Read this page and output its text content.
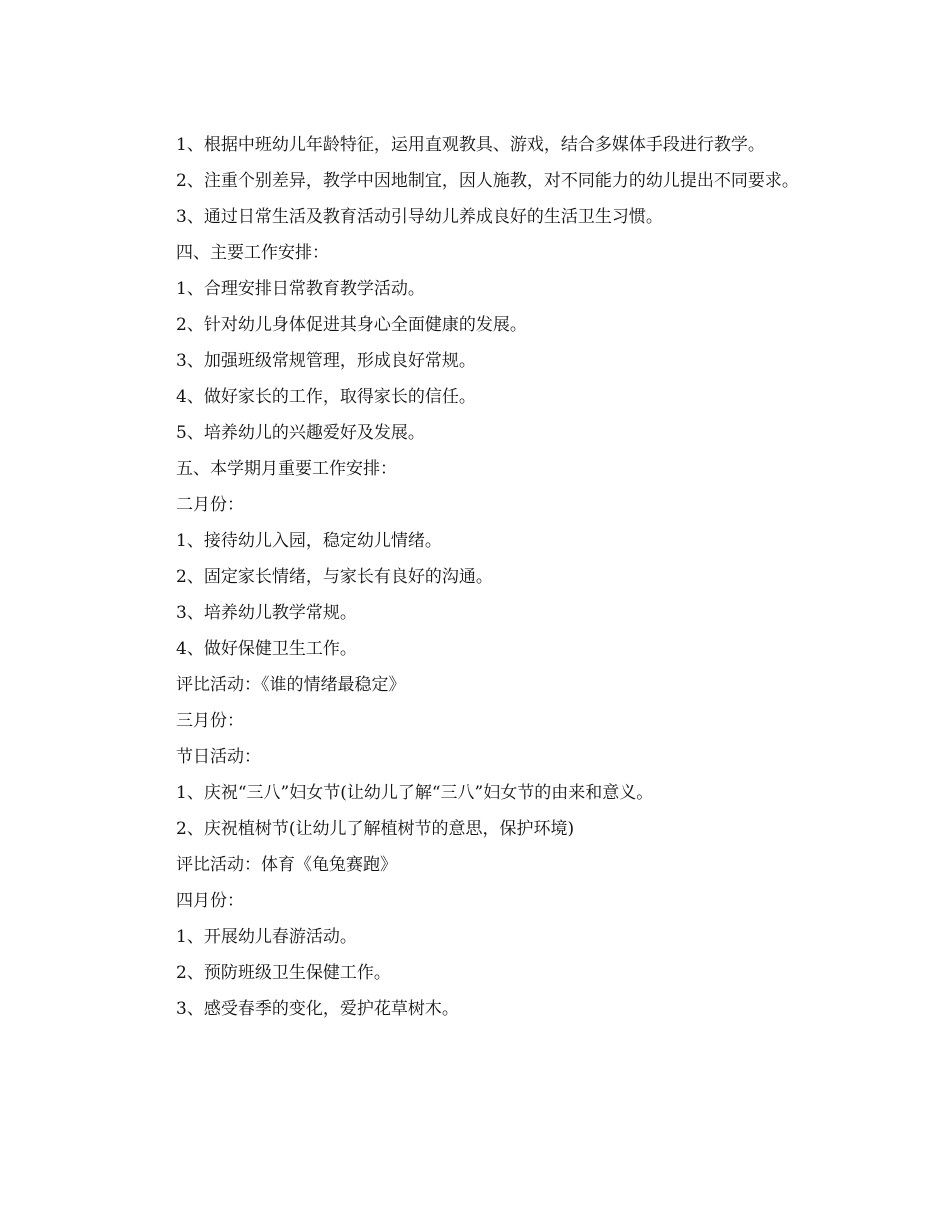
1、根据中班幼儿年龄特征，运用直观教具、游戏，结合多媒体手段进行教学。

2、注重个别差异，教学中因地制宜，因人施教，对不同能力的幼儿提出不同要求。

3、通过日常生活及教育活动引导幼儿养成良好的生活卫生习惯。

四、主要工作安排：

1、合理安排日常教育教学活动。

2、针对幼儿身体促进其身心全面健康的发展。

3、加强班级常规管理，形成良好常规。

4、做好家长的工作，取得家长的信任。

5、培养幼儿的兴趣爱好及发展。

五、本学期月重要工作安排：

二月份：

1、接待幼儿入园，稳定幼儿情绪。

2、固定家长情绪，与家长有良好的沟通。

3、培养幼儿教学常规。

4、做好保健卫生工作。

评比活动：《谁的情绪最稳定》

三月份：

节日活动：

1、庆祝“三八”妇女节(让幼儿了解“三八”妇女节的由来和意义。

2、庆祝植树节(让幼儿了解植树节的意思，保护环境)

评比活动：体育《龟兔赛跑》

四月份：

1、开展幼儿春游活动。

2、预防班级卫生保健工作。

3、感受春季的变化，爱护花草树木。
